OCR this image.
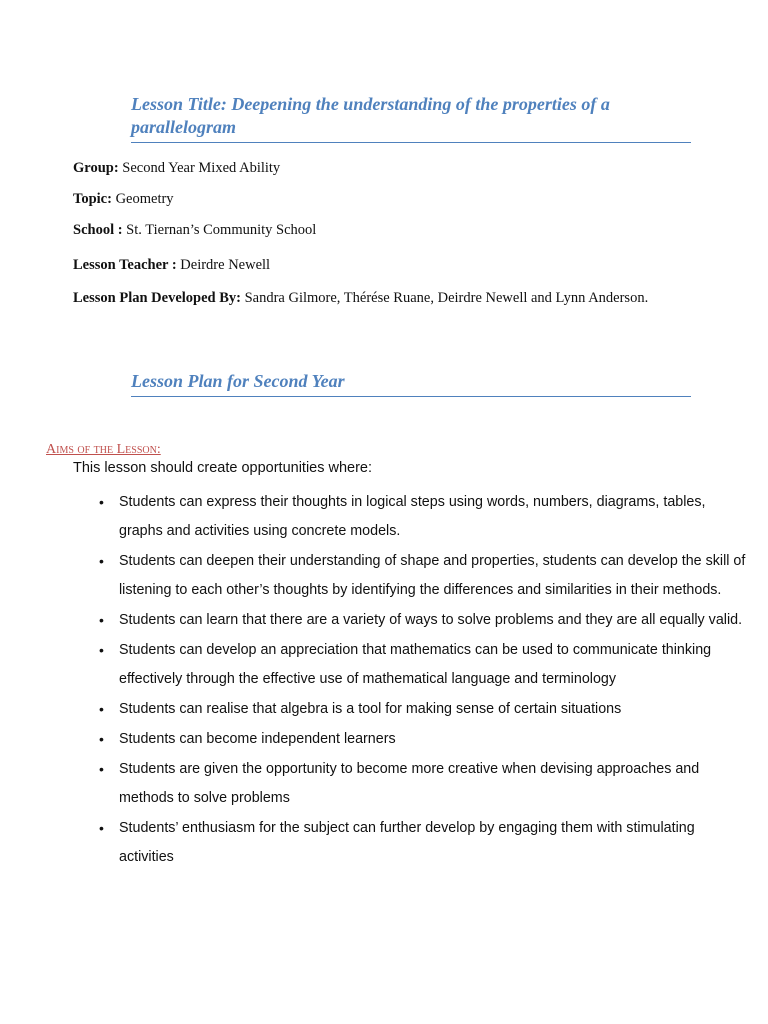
Lesson Title: Deepening the understanding of the properties of a parallelogram
Group: Second Year Mixed Ability
Topic: Geometry
School : St. Tiernan’s Community School
Lesson Teacher : Deirdre Newell
Lesson Plan Developed By: Sandra Gilmore, Thérése Ruane, Deirdre Newell and Lynn Anderson.
Lesson Plan for Second Year
Aims of the Lesson:
This lesson should create opportunities where:
• Students can express their thoughts in logical steps using words, numbers, diagrams, tables, graphs and activities using concrete models.
• Students can deepen their understanding of shape and properties, students can develop the skill of listening to each other’s thoughts by identifying the differences and similarities in their methods.
• Students can learn that there are a variety of ways to solve problems and they are all equally valid.
• Students can develop an appreciation that mathematics can be used to communicate thinking effectively through the effective use of mathematical language and terminology
• Students can realise that algebra is a tool for making sense of certain situations
• Students can become independent learners
• Students are given the opportunity to become more creative when devising approaches and methods to solve problems
• Students’ enthusiasm for the subject can further develop by engaging them with stimulating activities
